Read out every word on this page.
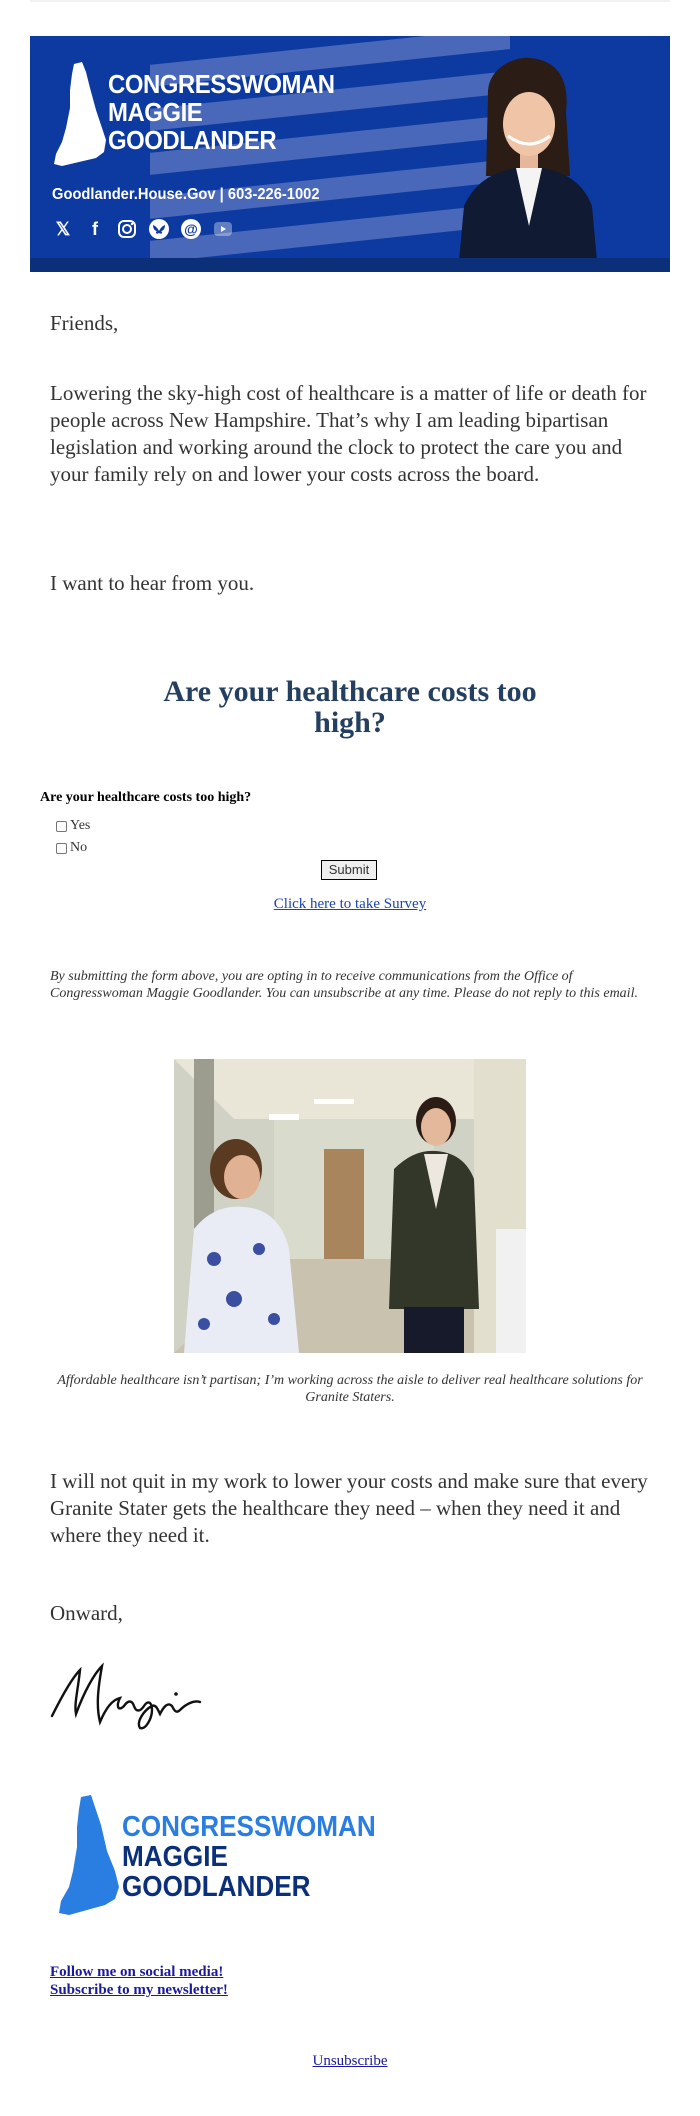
CONGRESSWOMAN
MAGGIE
GOODLANDER
Goodlander.House.Gov | 603-226-1002
𝕏	f	@
Friends,
Lowering the sky-high cost of healthcare is a matter of life or death for people across New Hampshire. That’s why I am leading bipartisan legislation and working around the clock to protect the care you and your family rely on and lower your costs across the board.
I want to hear from you.
Are your healthcare costs too high?
Are your healthcare costs too high?
Yes
No
Submit
Click here to take Survey
By submitting the form above, you are opting in to receive communications from the Office of Congresswoman Maggie Goodlander. You can unsubscribe at any time. Please do not reply to this email.
Affordable healthcare isn’t partisan; I’m working across the aisle to deliver real healthcare solutions for Granite Staters.
I will not quit in my work to lower your costs and make sure that every Granite Stater gets the healthcare they need – when they need it and where they need it.
Onward,
CONGRESSWOMAN
MAGGIE
GOODLANDER
Follow me on social media!
Subscribe to my newsletter!
Unsubscribe
